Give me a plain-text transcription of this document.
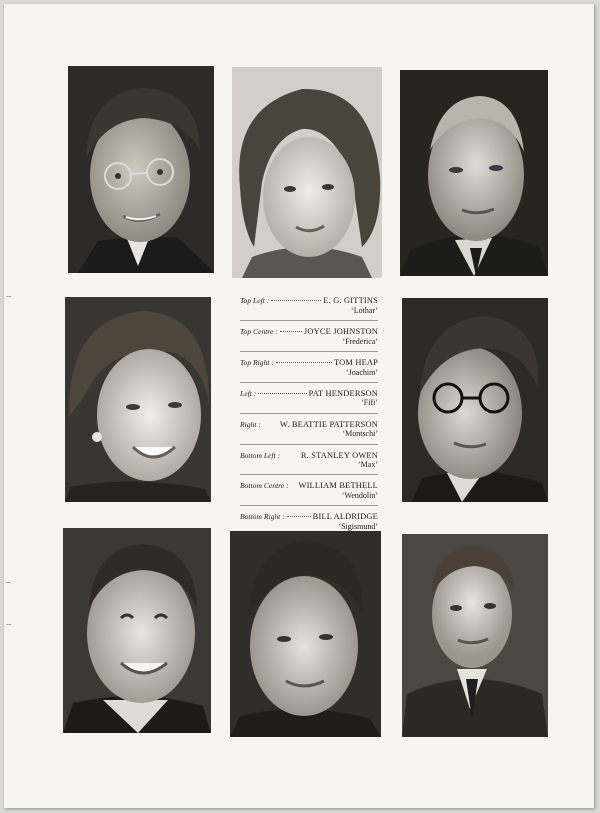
Top Left :	E. G. GITTINS
‘Lothar’
Top Centre :	JOYCE JOHNSTON
‘Frederica’
Top Right :	TOM HEAP
‘Joachim’
Left :	PAT HENDERSON
‘Fifi’
Right : W. BEATTIE PATTERSON
‘Montschi’
Bottom Left : R. STANLEY OWEN
‘Max’
Bottom Centre : WILLIAM BETHELL
‘Wendolin’
Bottom Right :	BILL ALDRIDGE
‘Sigismund’
